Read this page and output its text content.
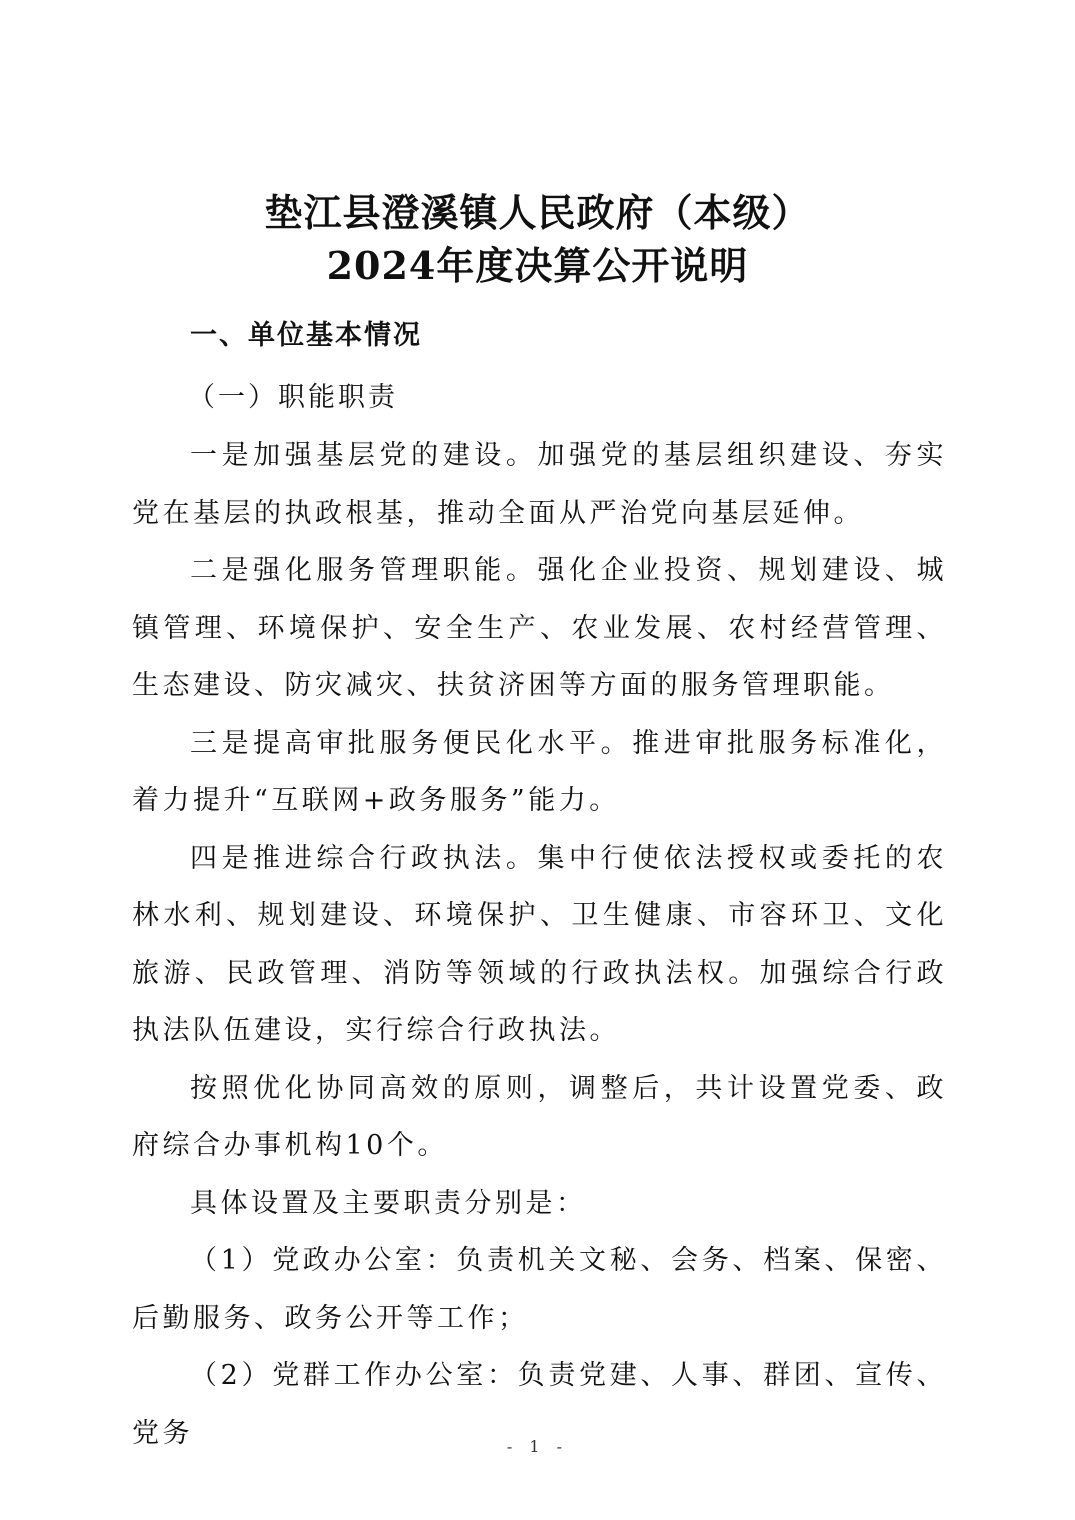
垫江县澄溪镇人民政府（本级）
2024年度决算公开说明
一、单位基本情况
（一）职能职责

一是加强基层党的建设。加强党的基层组织建设、夯实党在基层的执政根基，推动全面从严治党向基层延伸。

二是强化服务管理职能。强化企业投资、规划建设、城镇管理、环境保护、安全生产、农业发展、农村经营管理、生态建设、防灾减灾、扶贫济困等方面的服务管理职能。

三是提高审批服务便民化水平。推进审批服务标准化，着力提升“互联网+政务服务”能力。

四是推进综合行政执法。集中行使依法授权或委托的农林水利、规划建设、环境保护、卫生健康、市容环卫、文化旅游、民政管理、消防等领域的行政执法权。加强综合行政执法队伍建设，实行综合行政执法。

按照优化协同高效的原则，调整后，共计设置党委、政府综合办事机构10个。

具体设置及主要职责分别是：

（1）党政办公室：负责机关文秘、会务、档案、保密、后勤服务、政务公开等工作；

（2）党群工作办公室：负责党建、人事、群团、宣传、党务	- 1 -
